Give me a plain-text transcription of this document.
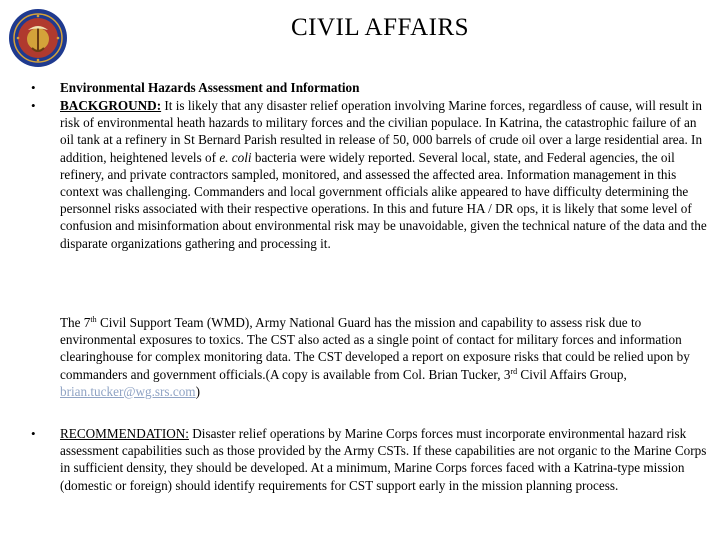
CIVIL AFFAIRS
•
•
•
Environmental Hazards Assessment and Information
BACKGROUND: It is likely that any disaster relief operation involving Marine forces, regardless of cause, will result in risk of environmental heath hazards to military forces and the civilian populace. In Katrina, the catastrophic failure of an oil tank at a refinery in St Bernard Parish resulted in release of 50, 000 barrels of crude oil over a large residential area. In addition, heightened levels of e. coli bacteria were widely reported. Several local, state, and Federal agencies, the oil refinery, and private contractors sampled, monitored, and assessed the affected area. Information management in this context was challenging. Commanders and local government officials alike appeared to have difficulty determining the personnel risks associated with their respective operations. In this and future HA / DR ops, it is likely that some level of confusion and misinformation about environmental risk may be unavoidable, given the technical nature of the data and the disparate organizations gathering and processing it.
The 7th Civil Support Team (WMD), Army National Guard has the mission and capability to assess risk due to environmental exposures to toxics. The CST also acted as a single point of contact for military forces and information clearinghouse for complex monitoring data. The CST developed a report on exposure risks that could be relied upon by commanders and government officials.(A copy is available from Col. Brian Tucker, 3rd Civil Affairs Group, brian.tucker@wg.srs.com)
RECOMMENDATION: Disaster relief operations by Marine Corps forces must incorporate environmental hazard risk assessment capabilities such as those provided by the Army CSTs. If these capabilities are not organic to the Marine Corps in sufficient density, they should be developed. At a minimum, Marine Corps forces faced with a Katrina-type mission (domestic or foreign) should identify requirements for CST support early in the mission planning process.
